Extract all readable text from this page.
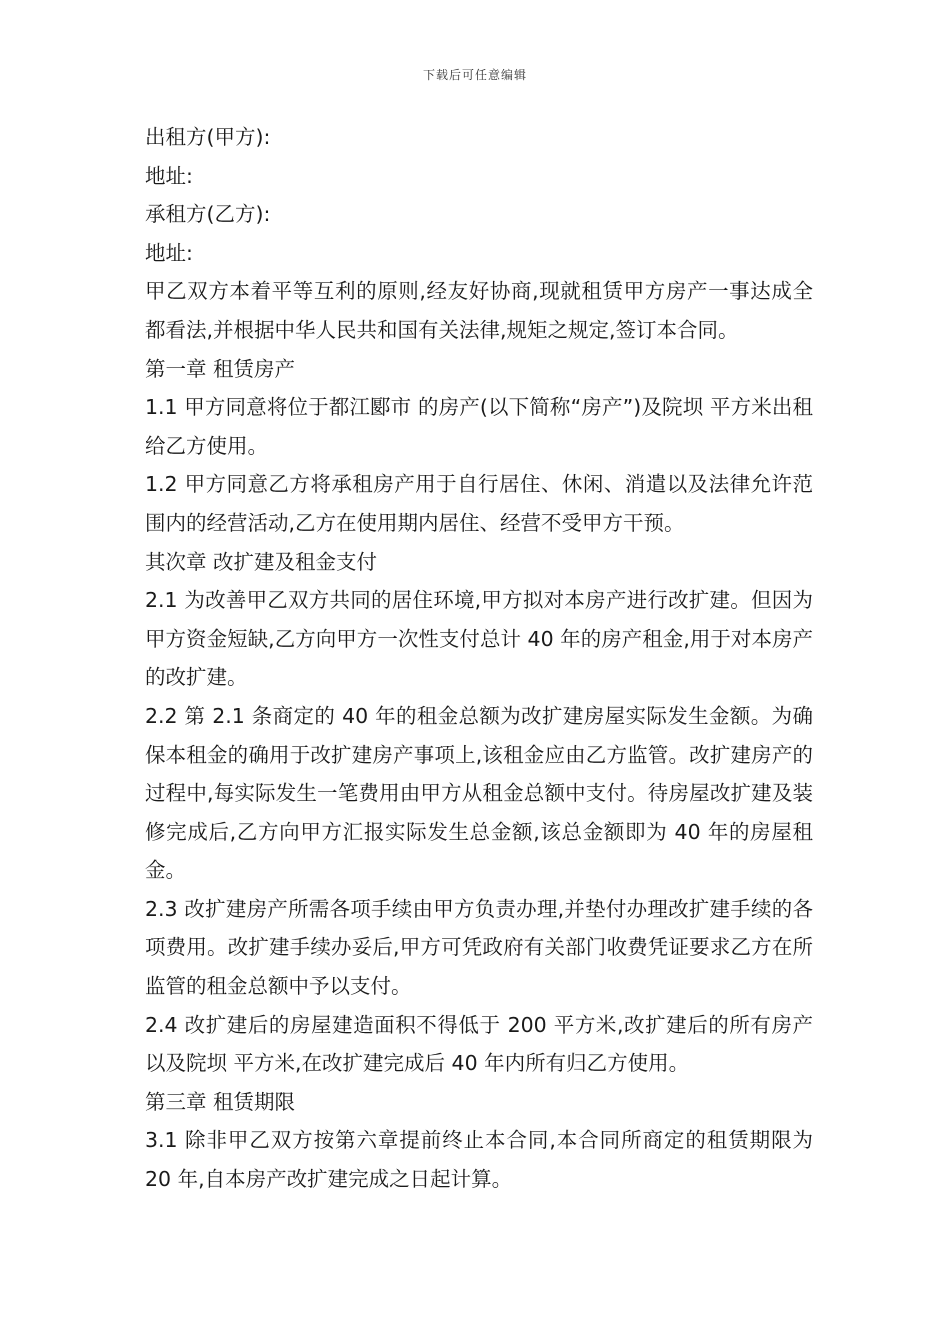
下载后可任意编辑

出租方(甲方):

地址:

承租方(乙方):

地址:

甲乙双方本着平等互利的原则,经友好协商,现就租赁甲方房产一事达成全都看法,并根据中华人民共和国有关法律,规矩之规定,签订本合同。

第一章 租赁房产

1.1 甲方同意将位于都江郾市 的房产(以下简称“房产”)及院坝 平方米出租给乙方使用。

1.2 甲方同意乙方将承租房产用于自行居住、休闲、消遣以及法律允许范围内的经营活动,乙方在使用期内居住、经营不受甲方干预。

其次章 改扩建及租金支付

2.1 为改善甲乙双方共同的居住环境,甲方拟对本房产进行改扩建。但因为甲方资金短缺,乙方向甲方一次性支付总计 40 年的房产租金,用于对本房产的改扩建。

2.2 第 2.1 条商定的 40 年的租金总额为改扩建房屋实际发生金额。为确保本租金的确用于改扩建房产事项上,该租金应由乙方监管。改扩建房产的过程中,每实际发生一笔费用由甲方从租金总额中支付。待房屋改扩建及装修完成后,乙方向甲方汇报实际发生总金额,该总金额即为 40 年的房屋租金。

2.3 改扩建房产所需各项手续由甲方负责办理,并垫付办理改扩建手续的各项费用。改扩建手续办妥后,甲方可凭政府有关部门收费凭证要求乙方在所监管的租金总额中予以支付。

2.4 改扩建后的房屋建造面积不得低于 200 平方米,改扩建后的所有房产以及院坝 平方米,在改扩建完成后 40 年内所有归乙方使用。

第三章 租赁期限

3.1 除非甲乙双方按第六章提前终止本合同,本合同所商定的租赁期限为 20 年,自本房产改扩建完成之日起计算。
